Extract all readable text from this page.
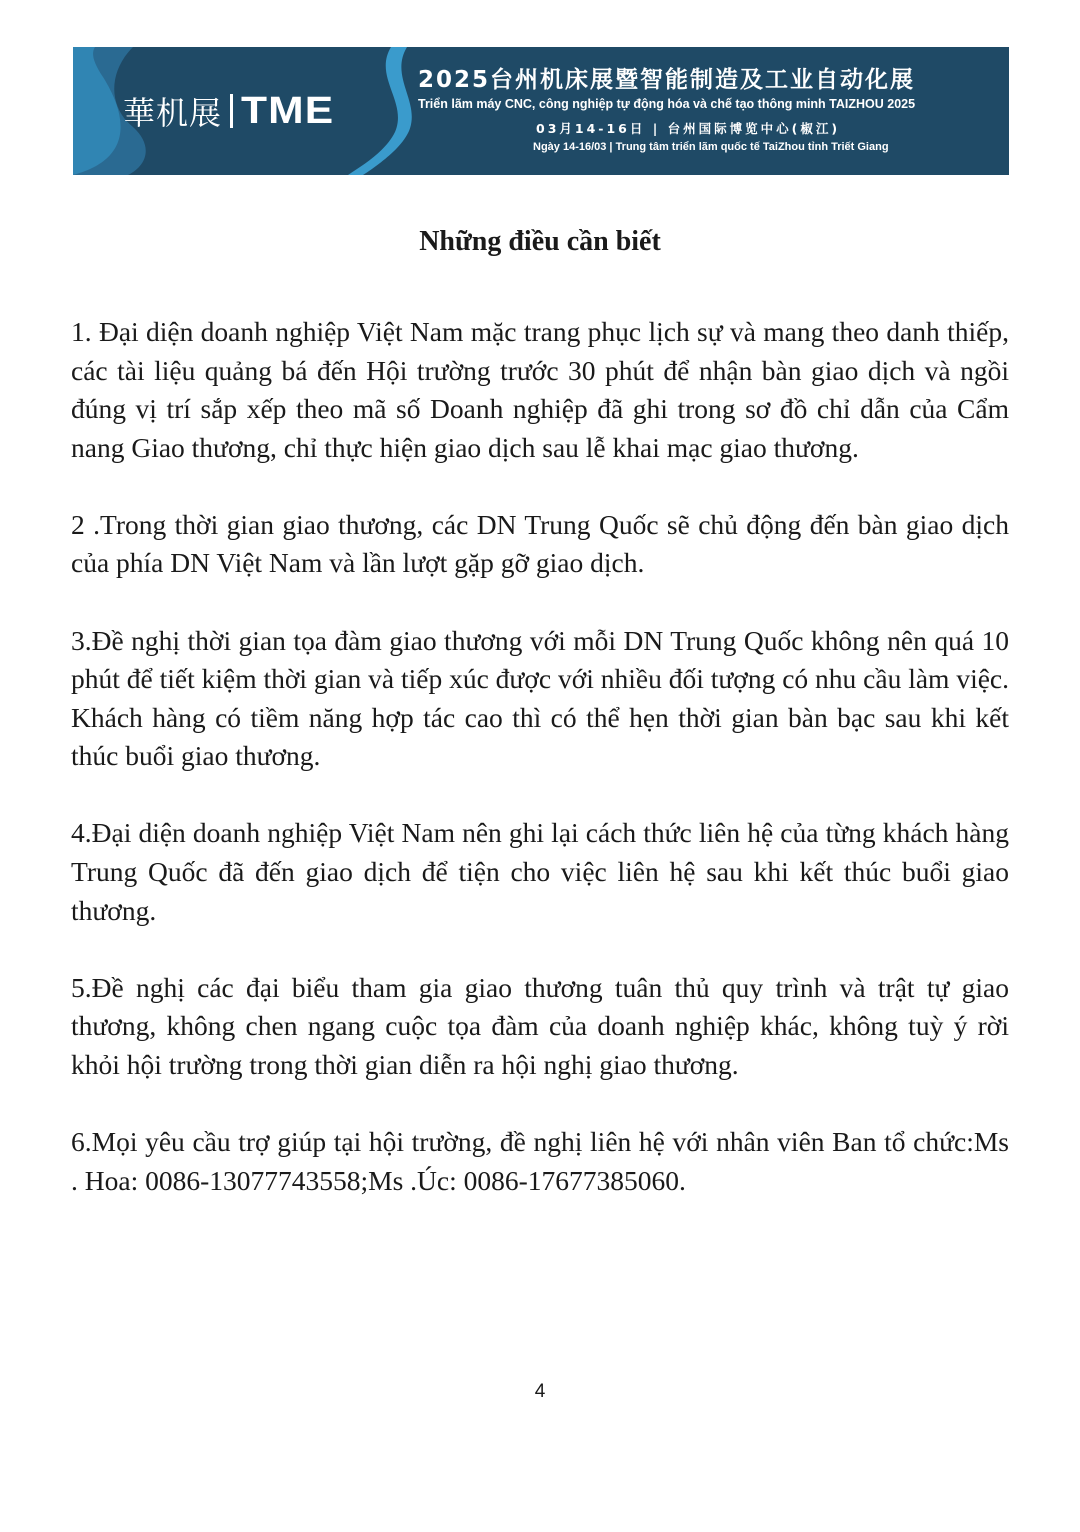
華机展 TME
2025台州机床展暨智能制造及工业自动化展
Triển lãm máy CNC, công nghiệp tự động hóa và chế tạo thông minh TAIZHOU 2025
03月14-16日 | 台州国际博览中心(椒江)
Ngày 14-16/03 | Trung tâm triển lãm quốc tế TaiZhou tỉnh Triết Giang
Những điều cần biết

1. Đại diện doanh nghiệp Việt Nam mặc trang phục lịch sự và mang theo danh thiếp, các tài liệu quảng bá đến Hội trường trước 30 phút để nhận bàn giao dịch và ngồi đúng vị trí sắp xếp theo mã số Doanh nghiệp đã ghi trong sơ đồ chỉ dẫn của Cẩm nang Giao thương, chỉ thực hiện giao dịch sau lễ khai mạc giao thương.

2 .Trong thời gian giao thương, các DN Trung Quốc sẽ chủ động đến bàn giao dịch của phía DN Việt Nam và lần lượt gặp gỡ giao dịch.

3.Đề nghị thời gian tọa đàm giao thương với mỗi DN Trung Quốc không nên quá 10 phút để tiết kiệm thời gian và tiếp xúc được với nhiều đối tượng có nhu cầu làm việc. Khách hàng có tiềm năng hợp tác cao thì có thể hẹn thời gian bàn bạc sau khi kết thúc buổi giao thương.

4.Đại diện doanh nghiệp Việt Nam nên ghi lại cách thức liên hệ của từng khách hàng Trung Quốc đã đến giao dịch để tiện cho việc liên hệ sau khi kết thúc buổi giao thương.

5.Đề nghị các đại biểu tham gia giao thương tuân thủ quy trình và trật tự giao thương, không chen ngang cuộc tọa đàm của doanh nghiệp khác, không tuỳ ý rời khỏi hội trường trong thời gian diễn ra hội nghị giao thương.

6.Mọi yêu cầu trợ giúp tại hội trường, đề nghị liên hệ với nhân viên Ban tổ chức:Ms . Hoa: 0086-13077743558;Ms .Úc: 0086-17677385060.

4
